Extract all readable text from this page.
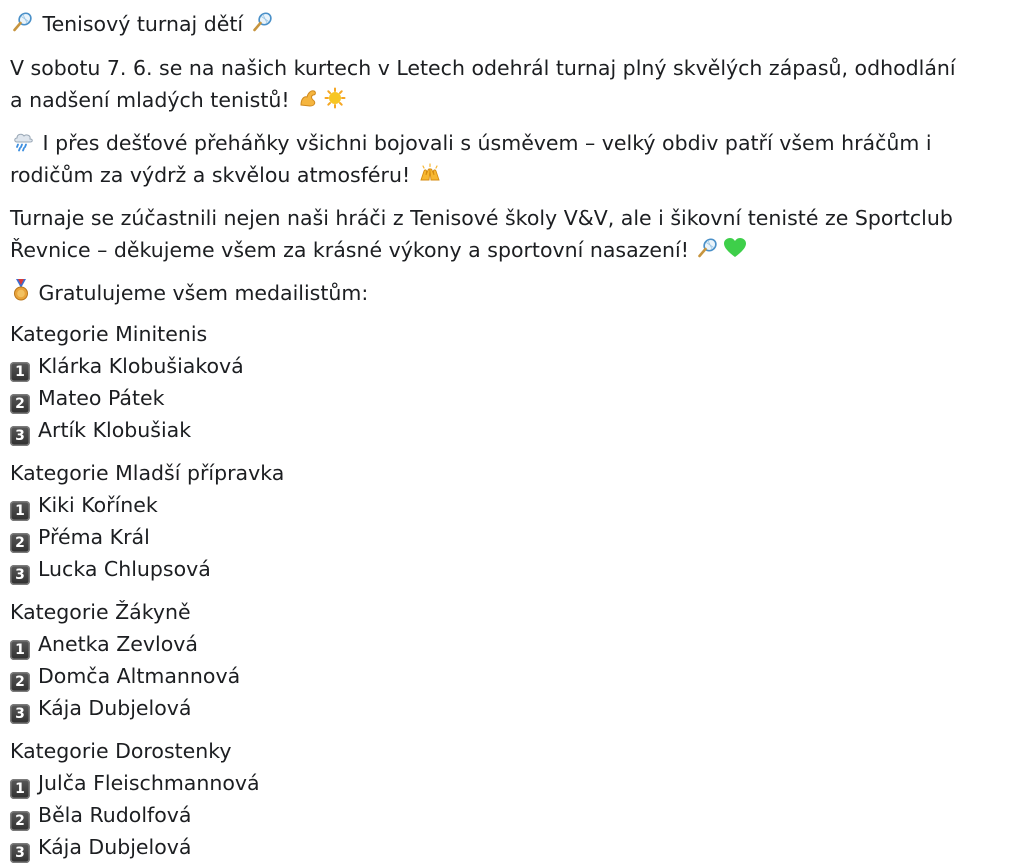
Tenisový turnaj dětí
V sobotu 7. 6. se na našich kurtech v Letech odehrál turnaj plný skvělých zápasů, odhodlání
a nadšení mladých tenistů!
I přes dešťové přeháňky všichni bojovali s úsměvem – velký obdiv patří všem hráčům i
rodičům za výdrž a skvělou atmosféru!
Turnaje se zúčastnili nejen naši hráči z Tenisové školy V&V, ale i šikovní tenisté ze Sportclub
Řevnice – děkujeme všem za krásné výkony a sportovní nasazení!
Gratulujeme všem medailistům:
Kategorie Minitenis
1 Klárka Klobušiaková
2 Mateo Pátek
3 Artík Klobušiak
Kategorie Mladší přípravka
1 Kiki Kořínek
2 Přéma Král
3 Lucka Chlupsová
Kategorie Žákyně
1 Anetka Zevlová
2 Domča Altmannová
3 Kája Dubjelová
Kategorie Dorostenky
1 Julča Fleischmannová
2 Běla Rudolfová
3 Kája Dubjelová
